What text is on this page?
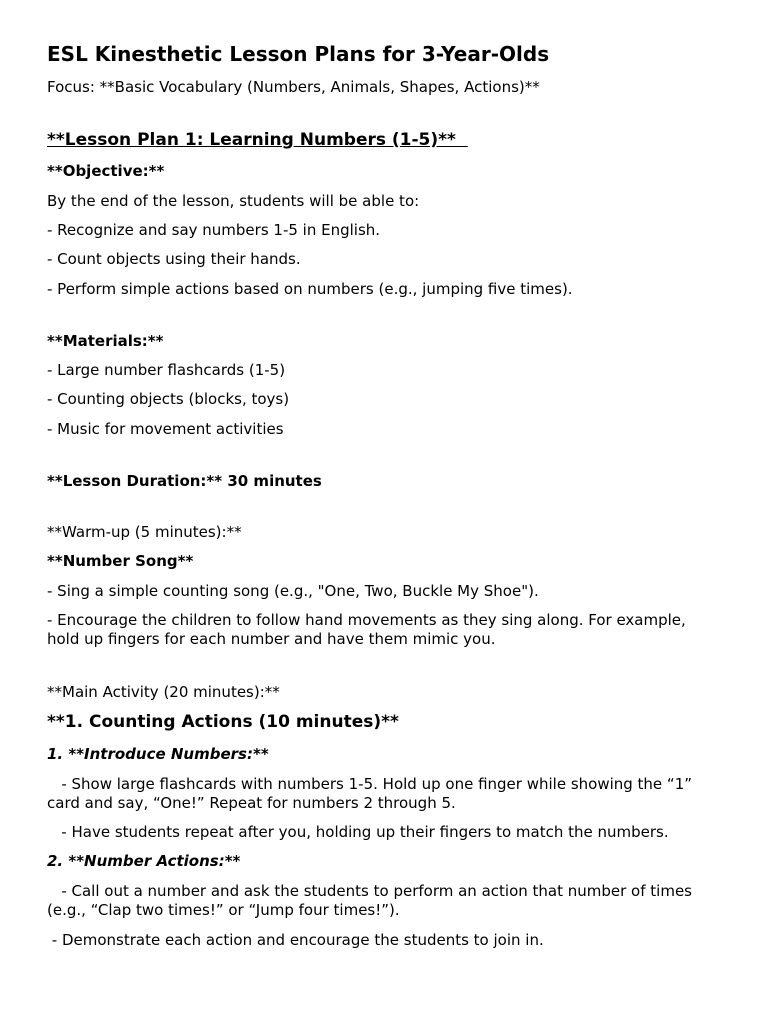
ESL Kinesthetic Lesson Plans for 3-Year-Olds
Focus: **Basic Vocabulary (Numbers, Animals, Shapes, Actions)**
**Lesson Plan 1: Learning Numbers (1-5)**
**Objective:**
By the end of the lesson, students will be able to:
- Recognize and say numbers 1-5 in English.
- Count objects using their hands.
- Perform simple actions based on numbers (e.g., jumping five times).
**Materials:**
- Large number flashcards (1-5)
- Counting objects (blocks, toys)
- Music for movement activities
**Lesson Duration:** 30 minutes
**Warm-up (5 minutes):**
**Number Song**
- Sing a simple counting song (e.g., "One, Two, Buckle My Shoe").
- Encourage the children to follow hand movements as they sing along. For example, hold up fingers for each number and have them mimic you.
**Main Activity (20 minutes):**
**1. Counting Actions (10 minutes)**
1. **Introduce Numbers:**
- Show large flashcards with numbers 1-5. Hold up one finger while showing the “1” card and say, “One!” Repeat for numbers 2 through 5.
- Have students repeat after you, holding up their fingers to match the numbers.
2. **Number Actions:**
- Call out a number and ask the students to perform an action that number of times (e.g., “Clap two times!” or “Jump four times!”).
- Demonstrate each action and encourage the students to join in.
